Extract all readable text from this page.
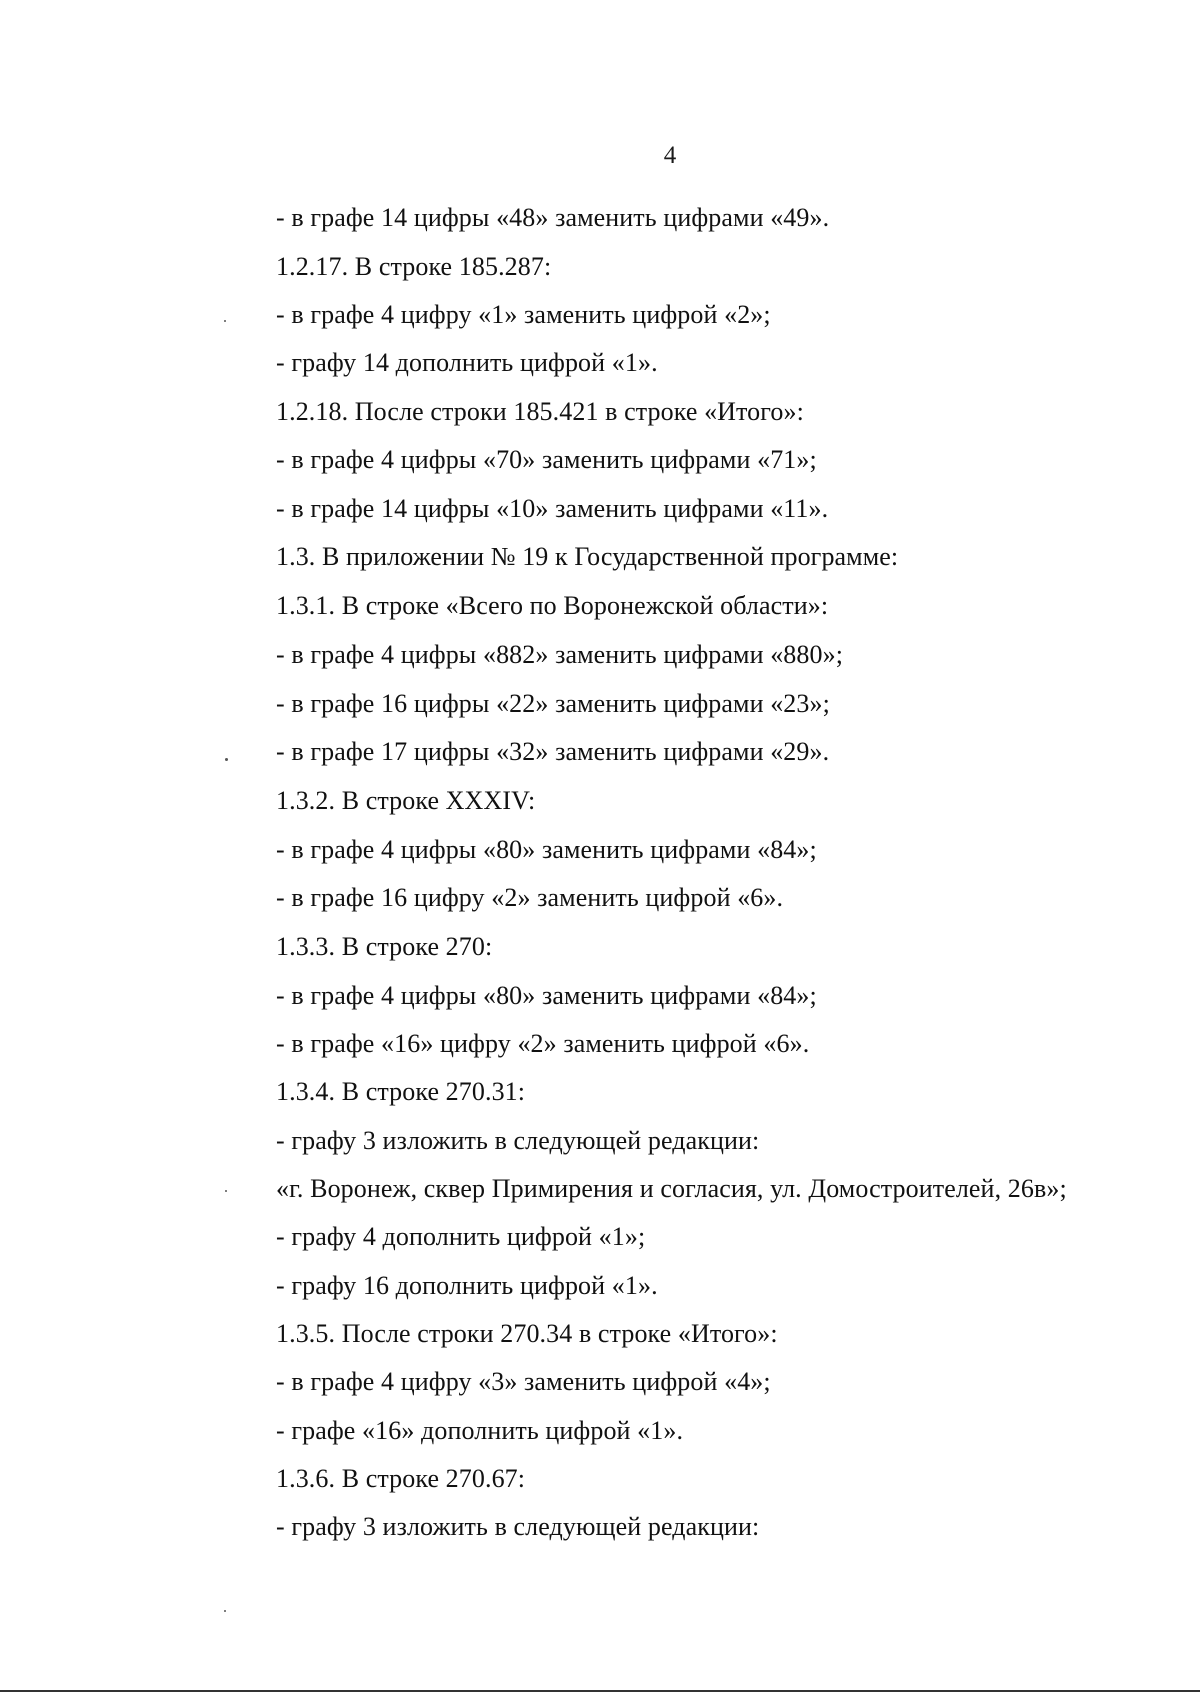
4
- в графе 14 цифры «48» заменить цифрами «49».
1.2.17. В строке 185.287:
- в графе 4 цифру «1» заменить цифрой «2»;
- графу 14 дополнить цифрой «1».
1.2.18. После строки 185.421 в строке «Итого»:
- в графе 4 цифры «70» заменить цифрами «71»;
- в графе 14 цифры «10» заменить цифрами «11».
1.3. В приложении № 19 к Государственной программе:
1.3.1. В строке «Всего по Воронежской области»:
- в графе 4 цифры «882» заменить цифрами «880»;
- в графе 16 цифры «22» заменить цифрами «23»;
- в графе 17 цифры «32» заменить цифрами «29».
1.3.2. В строке XXXIV:
- в графе 4 цифры «80» заменить цифрами «84»;
- в графе 16 цифру «2» заменить цифрой «6».
1.3.3. В строке 270:
- в графе 4 цифры «80» заменить цифрами «84»;
- в графе «16» цифру «2» заменить цифрой «6».
1.3.4. В строке 270.31:
- графу 3 изложить в следующей редакции:
«г. Воронеж, сквер Примирения и согласия, ул. Домостроителей, 26в»;
- графу 4 дополнить цифрой «1»;
- графу 16 дополнить цифрой «1».
1.3.5. После строки 270.34 в строке «Итого»:
- в графе 4 цифру «3» заменить цифрой «4»;
- графе «16» дополнить цифрой «1».
1.3.6. В строке 270.67:
- графу 3 изложить в следующей редакции:
